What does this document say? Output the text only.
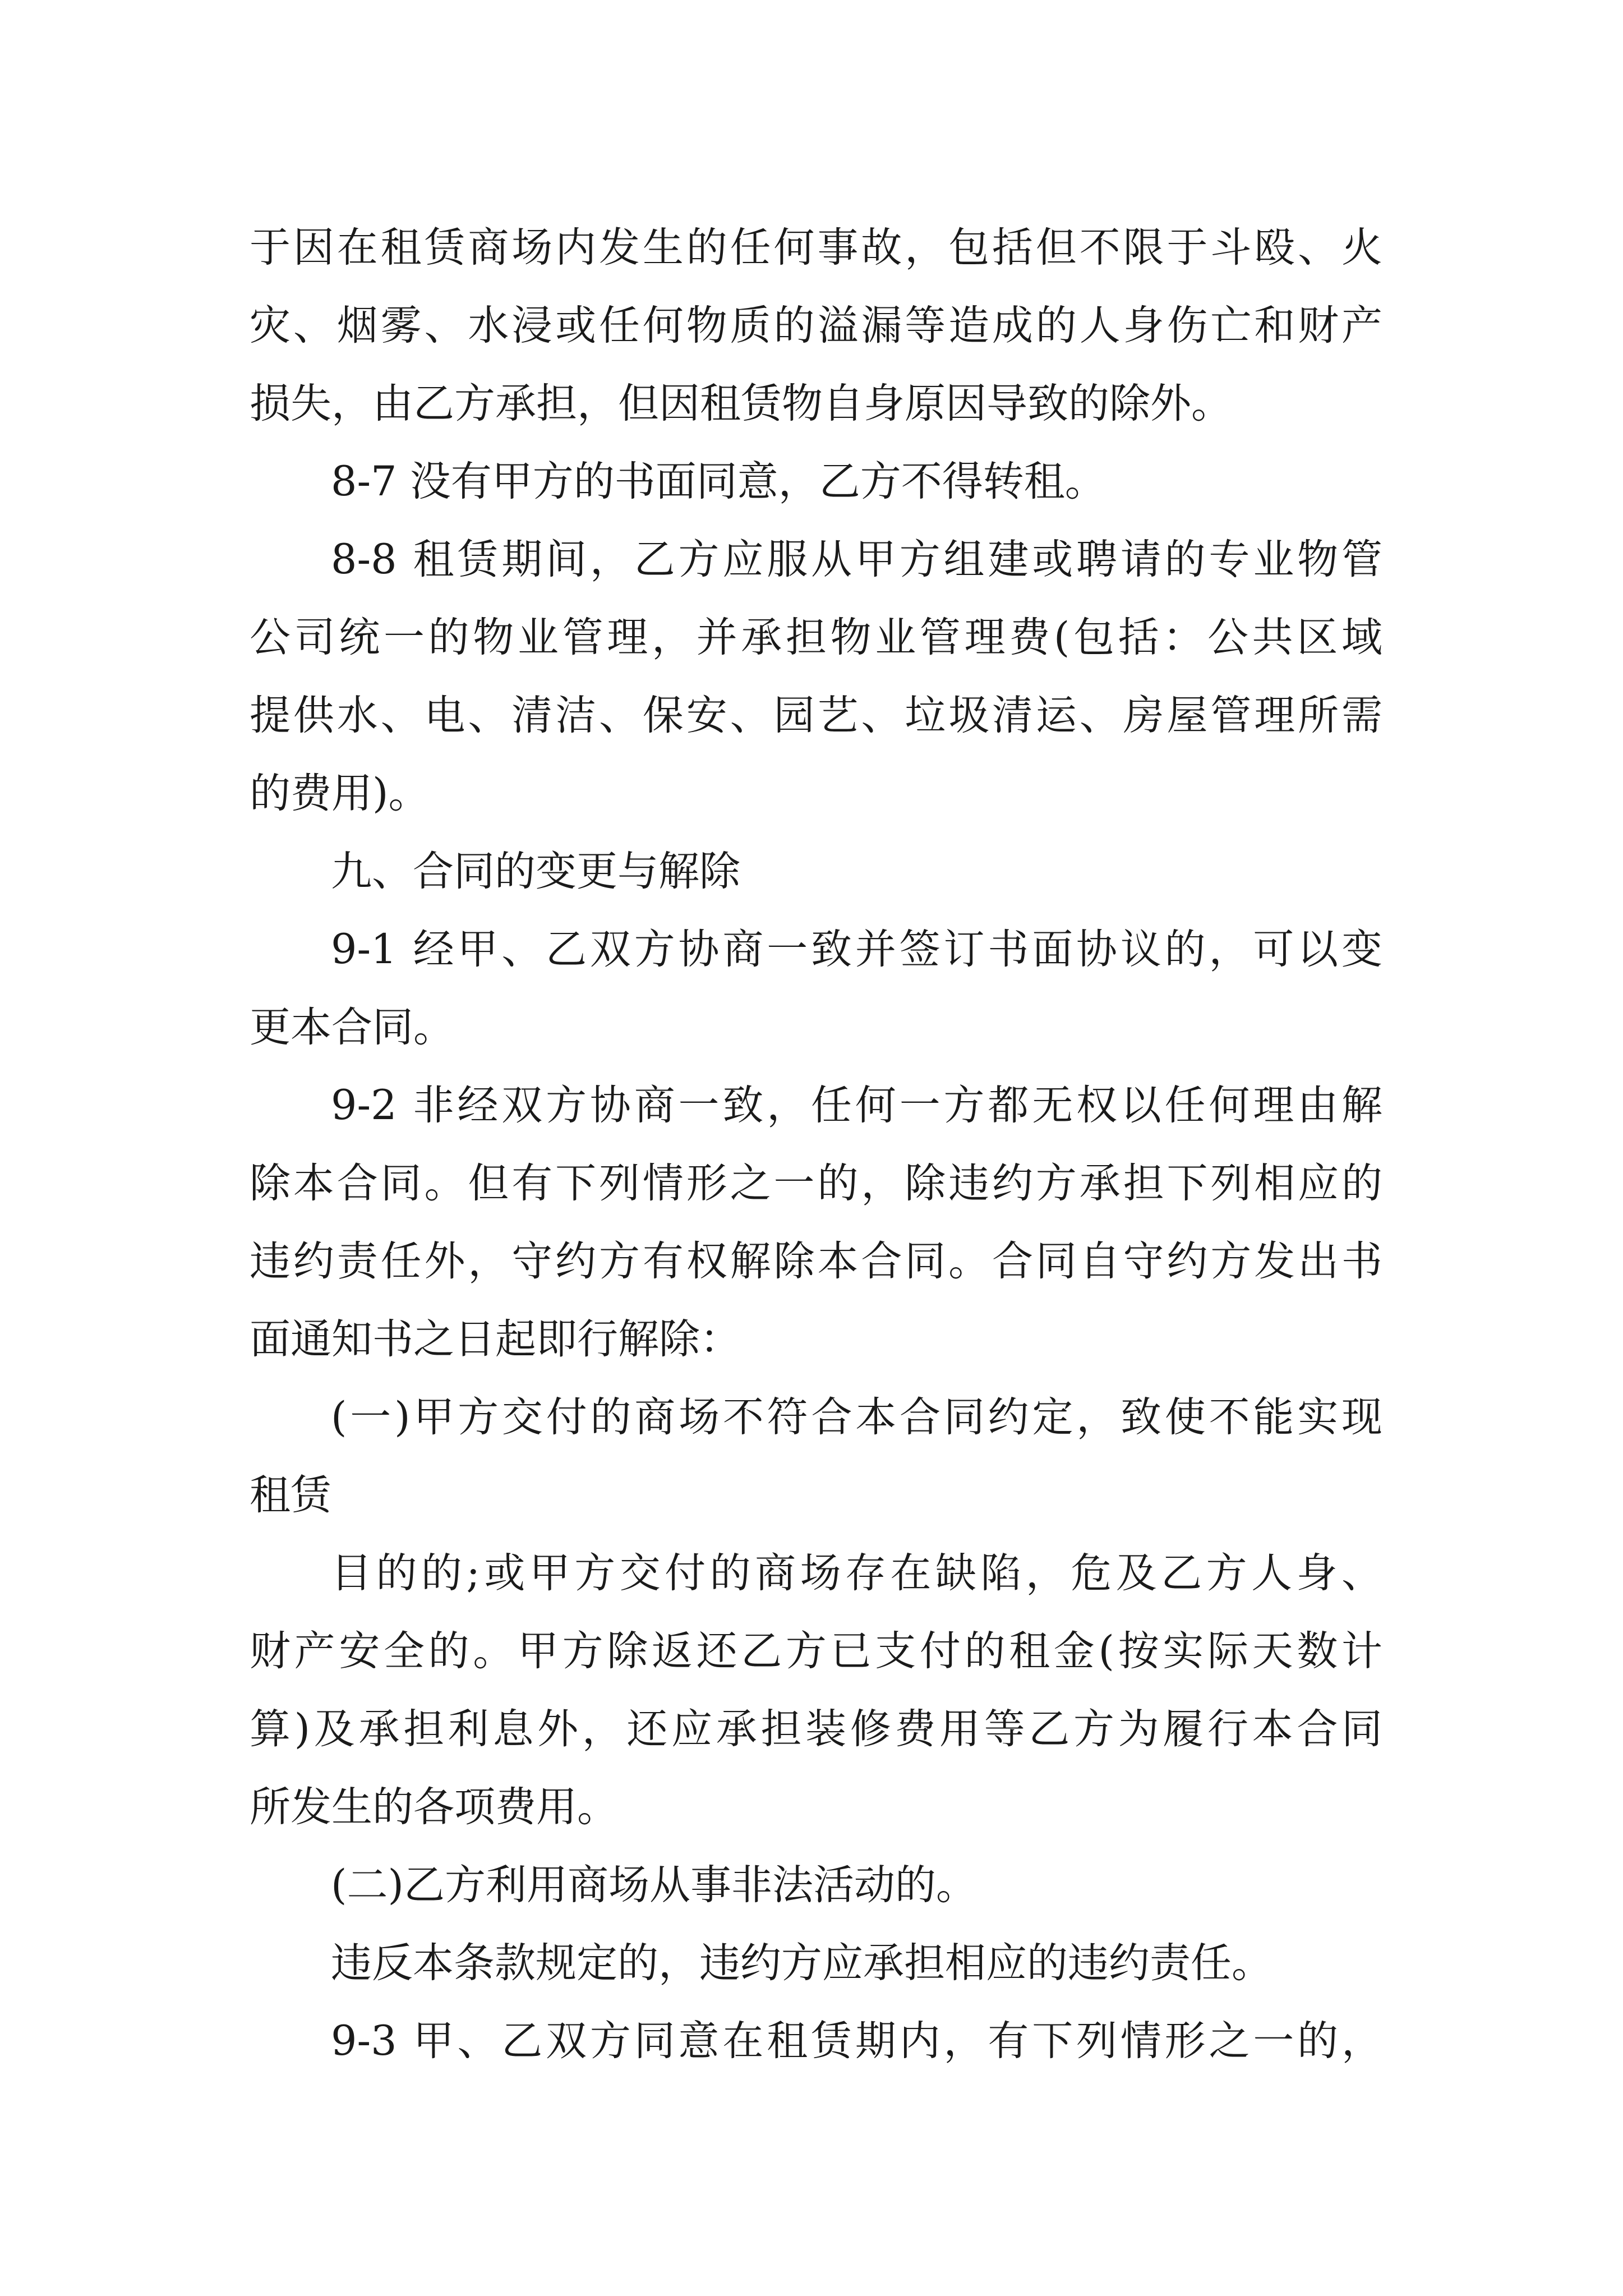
于因在租赁商场内发生的任何事故，包括但不限于斗殴、火
灾、烟雾、水浸或任何物质的溢漏等造成的人身伤亡和财产
损失，由乙方承担，但因租赁物自身原因导致的除外。
8-7 没有甲方的书面同意，乙方不得转租。
8-8 租赁期间，乙方应服从甲方组建或聘请的专业物管
公司统一的物业管理，并承担物业管理费(包括：公共区域
提供水、电、清洁、保安、园艺、垃圾清运、房屋管理所需
的费用)。
九、合同的变更与解除
9-1 经甲、乙双方协商一致并签订书面协议的，可以变
更本合同。
9-2 非经双方协商一致，任何一方都无权以任何理由解
除本合同。但有下列情形之一的，除违约方承担下列相应的
违约责任外，守约方有权解除本合同。合同自守约方发出书
面通知书之日起即行解除：
(一)甲方交付的商场不符合本合同约定，致使不能实现
租赁
目的的;或甲方交付的商场存在缺陷，危及乙方人身、
财产安全的。甲方除返还乙方已支付的租金(按实际天数计
算)及承担利息外，还应承担装修费用等乙方为履行本合同
所发生的各项费用。
(二)乙方利用商场从事非法活动的。
违反本条款规定的，违约方应承担相应的违约责任。
9-3 甲、乙双方同意在租赁期内，有下列情形之一的，
